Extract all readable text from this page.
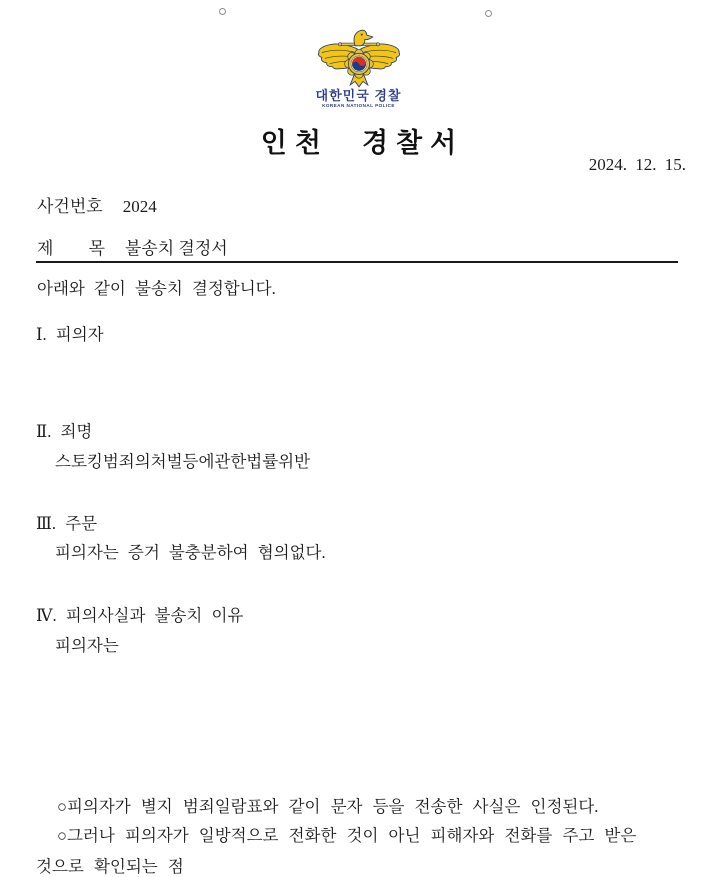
대한민국 경찰
KOREAN NATIONAL POLICE
인천 경찰서
2024. 12. 15.
사건번호 2024
제 목 불송치 결정서
아래와 같이 불송치 결정합니다.
Ⅰ. 피의자
Ⅱ. 죄명
스토킹범죄의처벌등에관한법률위반
Ⅲ. 주문
피의자는 증거 불충분하여 혐의없다.
Ⅳ. 피의사실과 불송치 이유
피의자는
○피의자가 별지 범죄일람표와 같이 문자 등을 전송한 사실은 인정된다.
○그러나 피의자가 일방적으로 전화한 것이 아닌 피해자와 전화를 주고 받은
것으로 확인되는 점
